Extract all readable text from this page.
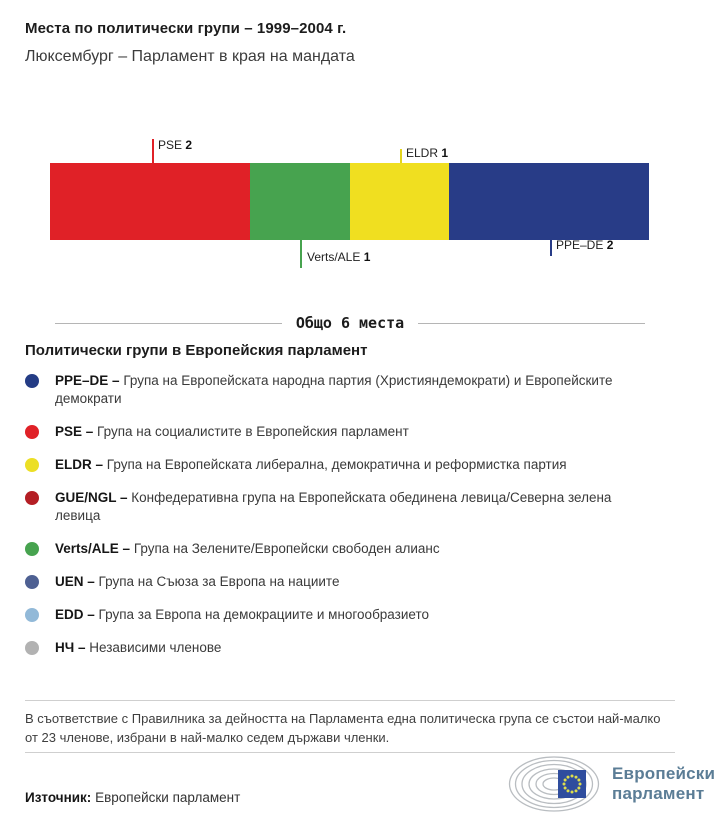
Места по политически групи – 1999–2004 г.
Люксембург – Парламент в края на мандата
PSE 2
ELDR 1
Verts/ALE 1
PPE–DE 2
Общо 6 места
Политически групи в Европейския парламент

PPE–DE – Група на Европейската народна партия (Християндемократи) и Европейските демократи

PSE – Група на социалистите в Европейския парламент

ELDR – Група на Европейската либерална, демократична и реформистка партия

GUE/NGL – Конфедеративна група на Европейската обединена левица/Северна зелена левица

Verts/ALE – Група на Зелените/Европейски свободен алианс

UEN – Група на Съюза за Европа на нациите

EDD – Група за Европа на демокрациите и многообразието

НЧ – Независими членове

В съответствие с Правилника за дейността на Парламента една политическа група се състои най-малко от 23 членове, избрани в най-малко седем държави членки.

Източник: Европейски парламент

Европейски
парламент
